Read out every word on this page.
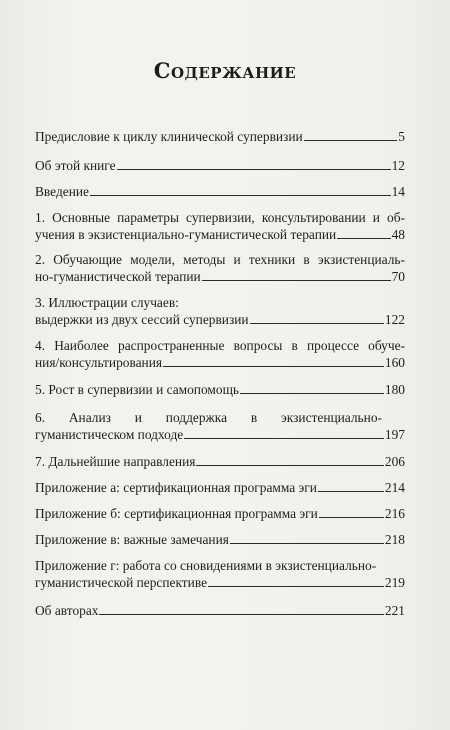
Содержание
Предисловие к циклу клинической супервизии	5
Об этой книге	12
Введение	14
1. Основные параметры супервизии, консультировании и об-
учения в экзистенциально-гуманистической терапии	48
2. Обучающие модели, методы и техники в экзистенциаль-
но-гуманистической терапии	70
3. Иллюстрации случаев:
выдержки из двух сессий супервизии	122
4. Наиболее распространенные вопросы в процессе обуче-
ния/консультирования	160
5. Рост в супервизии и самопомощь	180
6. Анализ и поддержка в экзистенциально-
гуманистическом подходе	197
7. Дальнейшие направления	206
Приложение а: сертификационная программа эги	214
Приложение б: сертификационная программа эги	216
Приложение в: важные замечания	218
Приложение г: работа со сновидениями в экзистенциально-
гуманистической перспективе	219
Об авторах	221
